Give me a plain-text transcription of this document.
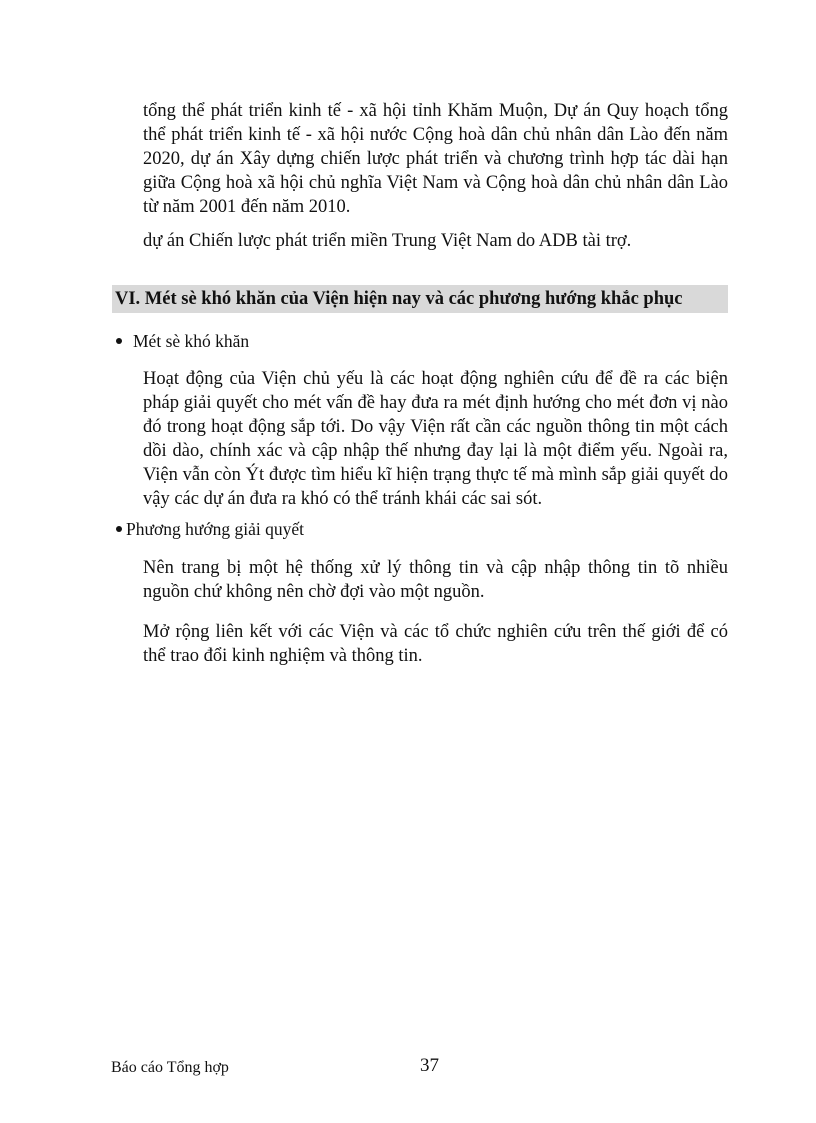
tổng thể phát triển kinh tế - xã hội tỉnh Khăm Muộn, Dự án Quy hoạch tổng thể phát triển kinh tế - xã hội nước Cộng hoà dân chủ nhân dân Lào đến năm 2020, dự án Xây dựng chiến lược phát triển và chương trình hợp tác dài hạn giữa Cộng hoà xã hội chủ nghĩa Việt Nam và Cộng hoà dân chủ nhân dân Lào từ năm 2001 đến năm 2010.

dự án Chiến lược phát triển miền Trung Việt Nam do ADB tài trợ.

VI. Mét sè khó khăn của Viện hiện nay và các phương hướng khắc phục
Mét sè khó khăn

Hoạt động của Viện chủ yếu là các hoạt động nghiên cứu để đề ra các biện pháp giải quyết cho mét vấn đề hay đưa ra mét định hướng cho mét đơn vị nào đó trong hoạt động sắp tới. Do vậy Viện rất cần các nguồn thông tin một cách dồi dào, chính xác và cập nhập thế nhưng đay lại là một điểm yếu. Ngoài ra, Viện vẫn còn Ýt được tìm hiểu kĩ hiện trạng thực tế mà mình sắp giải quyết do vậy các dự án đưa ra khó có thể tránh khái các sai sót.

Phương hướng giải quyết

Nên trang bị một hệ thống xử lý thông tin và cập nhập thông tin tõ nhiều nguồn chứ không nên chờ đợi vào một nguồn.

Mở rộng liên kết với các Viện và các tổ chức nghiên cứu trên thế giới để có thể trao đổi kinh nghiệm và thông tin.

Báo cáo Tổng hợp	37
